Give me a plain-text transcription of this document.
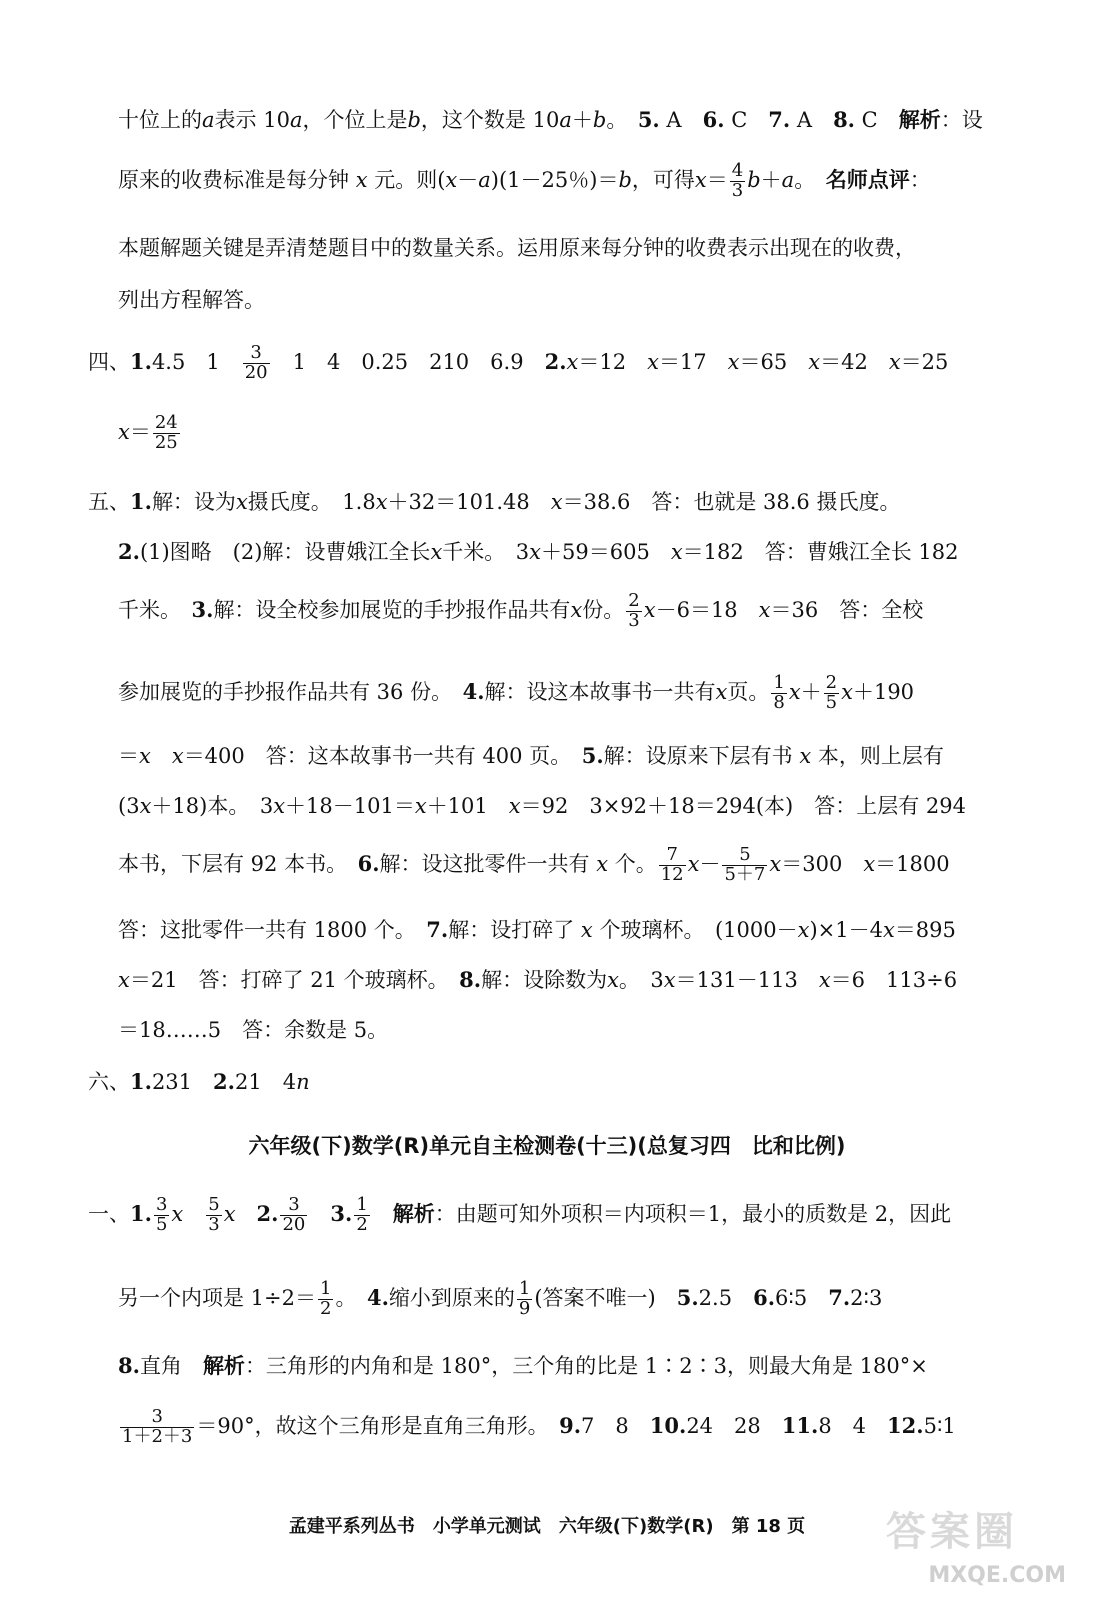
十位上的a表示 10a，个位上是b，这个数是 10a＋b。　 5. A　6. C　7. A　8. C　解析：设
原来的收费标准是每分钟 x 元。则(x－a)(1－25％)＝b，可得$x= \frac{4}{3} b+a$。　名师点评：
本题解题关键是弄清楚题目中的数量关系。运用原来每分钟的收费表示出现在的收费，
列出方程解答。
四、1.4.5　1　 $\frac{3}{20}$ 　1　4　0.25　210　6.9　2.x＝12　x＝17　x＝65　x＝42　x＝25
$x= \frac{24}{25}$
五、1.解：设为x摄氏度。　1.8x＋32＝101.48　x＝38.6　答：也就是 38.6 摄氏度。
2.(1)图略　(2)解：设曹娥江全长x千米。　3x＋59＝605　x＝182　答：曹娥江全长 182
千米。　 3.解：设全校参加展览的手抄报作品共有x份。 $\frac{2}{3} x-6=18$　x＝36　答：全校
参加展览的手抄报作品共有 36 份。　 4.解：设这本故事书一共有x页。 $\frac{1}{8} x+ \frac{2}{5} x+190$
＝x　 x＝400　答：这本故事书一共有 400 页。　 5.解：设原来下层有书 x 本，则上层有
(3x＋18)本。　3x＋18－101＝x＋101　x＝92　3×92＋18＝294(本)　答：上层有 294
本书，下层有 92 本书。　 6.解：设这批零件一共有 x 个。 $\frac{7}{12} x- \frac{5}{5+7} x=300$　x＝1800
答：这批零件一共有 1800 个。　 7.解：设打碎了 x 个玻璃杯。　(1000－x)×1－4x＝895
x＝21　答：打碎了 21 个玻璃杯。　 8.解：设除数为x。　3x＝131－113　x＝6　113÷6
＝18……5　答：余数是 5。
六、1.231　2.21　4n
六年级(下)数学(R)单元自主检测卷(十三)(总复习四　比和比例)
一、1. $\frac{3}{5}$ x　 $\frac{5}{3}$ x　 2. $\frac{3}{20}$
　 3. $\frac{1}{2}$
　 解析：由题可知外项积＝内项积＝1，最小的质数是 2，因此
另一个内项是 $1\div 2= \frac{1}{2}$ 。　 4.缩小到原来的 $\frac{1}{9}$ (答案不唯一)　5.2.5　6.6∶5　7.2∶3
8.直角　解析：三角形的内角和是 180°，三个角的比是 1∶2∶3，则最大角是 180°×
$\frac{3}{1+2+3} =90^\circ$，故这个三角形是直角三角形。　 9.7　8　10.24　28　11.8　4　12.5∶1
孟建平系列丛书 小学单元测试 六年级(下)数学(R) 第 18 页	答案圈
MXQE.COM
